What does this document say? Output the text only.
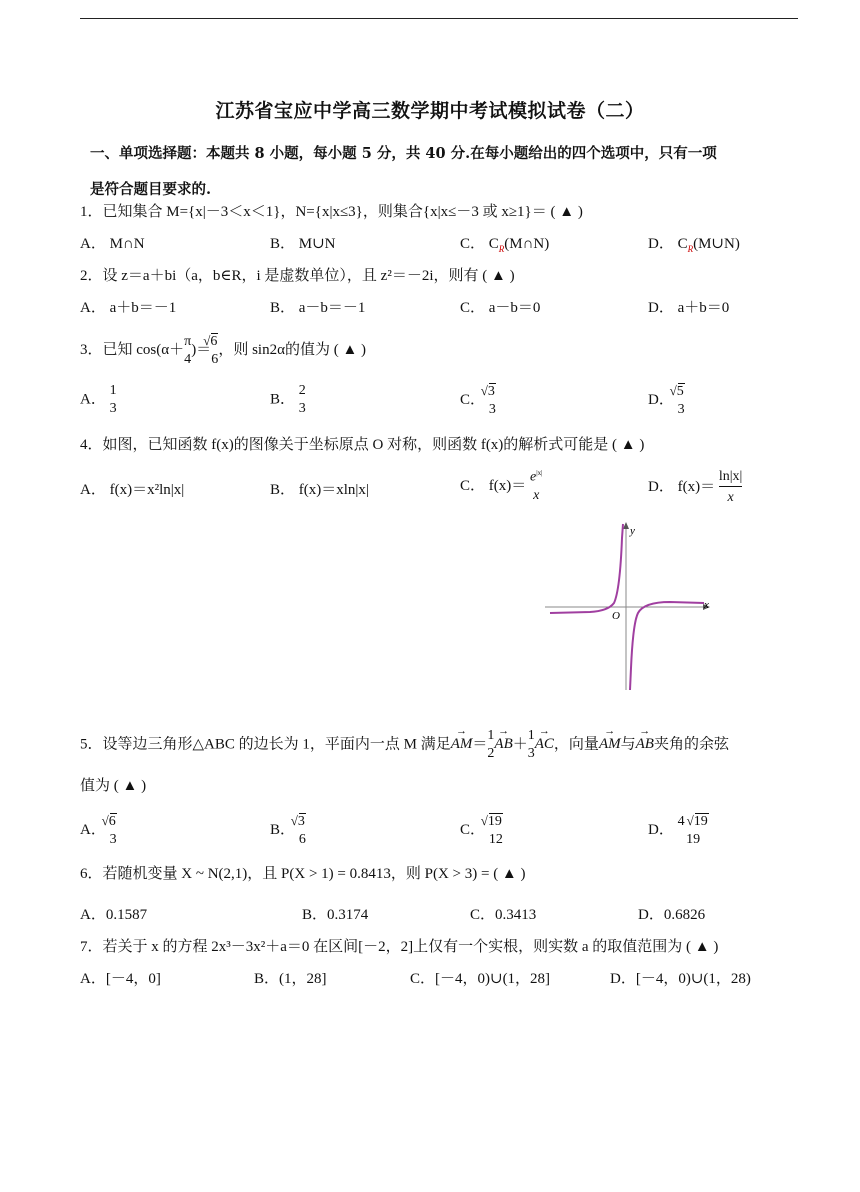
江苏省宝应中学高三数学期中考试模拟试卷（二）
一、单项选择题：本题共 8 小题，每小题 5 分，共 40 分.在每小题给出的四个选项中，只有一项
是符合题目要求的.
1．已知集合 M={x|－3＜x＜1}，N={x|x≤3}，则集合{x|x≤－3 或 x≥1}＝ ( ▲ )
A． M∩N	B． M∪N	C． $C_R(M\cap N)$	D． $C_R(M\cup N)$
2．设 z＝a＋bi（a，b∈R，i 是虚数单位），且 z²＝－2i，则有 ( ▲ )
A． a＋b＝－1	B． a－b＝－1	C． a－b＝0	D． a＋b＝0
3．已知 cos(α＋
π
4
)＝
√ 6
6
，则 sin2α的值为 ( ▲ )
A．
1
3
B．
2
3
C．
√ 3
3
D．
√ 5
3
4．如图，已知函数 f(x)的图像关于坐标原点 O 对称，则函数 f(x)的解析式可能是 ( ▲ )
A． f(x)＝x²ln|x|	B． f(x)＝xln|x|	C． f(x)＝
$e^{|x|}$
x
D． $f(x)= \frac{\ln|x|}{x}$
y
x
O
5．设等边三角形△ABC 的边长为 1，平面内一点 M 满足→ AM＝
1
2
→ AB＋
1
3
→ AC，向量→ AM与→ AB夹角的余弦
值为 ( ▲ )
A．
√ 6
3
B．
√ 3
6
C．
√ 19
12
D．
4√ 19
19
6．若随机变量 X ~ N(2,1)，且 P(X > 1) = 0.8413，则 P(X > 3) = ( ▲ )
A．0.1587	B．0.3174	C．0.3413	D．0.6826
7．若关于 x 的方程 2x³－3x²＋a＝0 在区间[－2，2]上仅有一个实根，则实数 a 的取值范围为 ( ▲ )
A．[－4，0]	B．(1，28]	C．[－4，0)∪(1，28]	D．[－4，0)∪(1，28)
